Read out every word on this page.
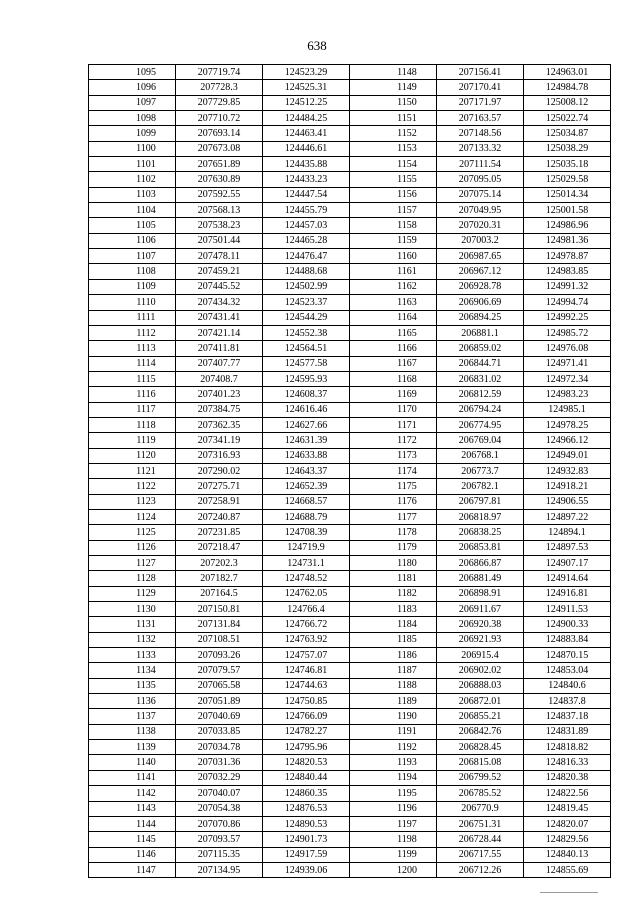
638
1095	207719.74	124523.29	1148	207156.41	124963.01
1096	207728.3	124525.31	1149	207170.41	124984.78
1097	207729.85	124512.25	1150	207171.97	125008.12
1098	207710.72	124484.25	1151	207163.57	125022.74
1099	207693.14	124463.41	1152	207148.56	125034.87
1100	207673.08	124446.61	1153	207133.32	125038.29
1101	207651.89	124435.88	1154	207111.54	125035.18
1102	207630.89	124433.23	1155	207095.05	125029.58
1103	207592.55	124447.54	1156	207075.14	125014.34
1104	207568.13	124455.79	1157	207049.95	125001.58
1105	207538.23	124457.03	1158	207020.31	124986.96
1106	207501.44	124465.28	1159	207003.2	124981.36
1107	207478.11	124476.47	1160	206987.65	124978.87
1108	207459.21	124488.68	1161	206967.12	124983.85
1109	207445.52	124502.99	1162	206928.78	124991.32
1110	207434.32	124523.37	1163	206906.69	124994.74
1111	207431.41	124544.29	1164	206894.25	124992.25
1112	207421.14	124552.38	1165	206881.1	124985.72
1113	207411.81	124564.51	1166	206859.02	124976.08
1114	207407.77	124577.58	1167	206844.71	124971.41
1115	207408.7	124595.93	1168	206831.02	124972.34
1116	207401.23	124608.37	1169	206812.59	124983.23
1117	207384.75	124616.46	1170	206794.24	124985.1
1118	207362.35	124627.66	1171	206774.95	124978.25
1119	207341.19	124631.39	1172	206769.04	124966.12
1120	207316.93	124633.88	1173	206768.1	124949.01
1121	207290.02	124643.37	1174	206773.7	124932.83
1122	207275.71	124652.39	1175	206782.1	124918.21
1123	207258.91	124668.57	1176	206797.81	124906.55
1124	207240.87	124688.79	1177	206818.97	124897.22
1125	207231.85	124708.39	1178	206838.25	124894.1
1126	207218.47	124719.9	1179	206853.81	124897.53
1127	207202.3	124731.1	1180	206866.87	124907.17
1128	207182.7	124748.52	1181	206881.49	124914.64
1129	207164.5	124762.05	1182	206898.91	124916.81
1130	207150.81	124766.4	1183	206911.67	124911.53
1131	207131.84	124766.72	1184	206920.38	124900.33
1132	207108.51	124763.92	1185	206921.93	124883.84
1133	207093.26	124757.07	1186	206915.4	124870.15
1134	207079.57	124746.81	1187	206902.02	124853.04
1135	207065.58	124744.63	1188	206888.03	124840.6
1136	207051.89	124750.85	1189	206872.01	124837.8
1137	207040.69	124766.09	1190	206855.21	124837.18
1138	207033.85	124782.27	1191	206842.76	124831.89
1139	207034.78	124795.96	1192	206828.45	124818.82
1140	207031.36	124820.53	1193	206815.08	124816.33
1141	207032.29	124840.44	1194	206799.52	124820.38
1142	207040.07	124860.35	1195	206785.52	124822.56
1143	207054.38	124876.53	1196	206770.9	124819.45
1144	207070.86	124890.53	1197	206751.31	124820.07
1145	207093.57	124901.73	1198	206728.44	124829.56
1146	207115.35	124917.59	1199	206717.55	124840.13
1147	207134.95	124939.06	1200	206712.26	124855.69
